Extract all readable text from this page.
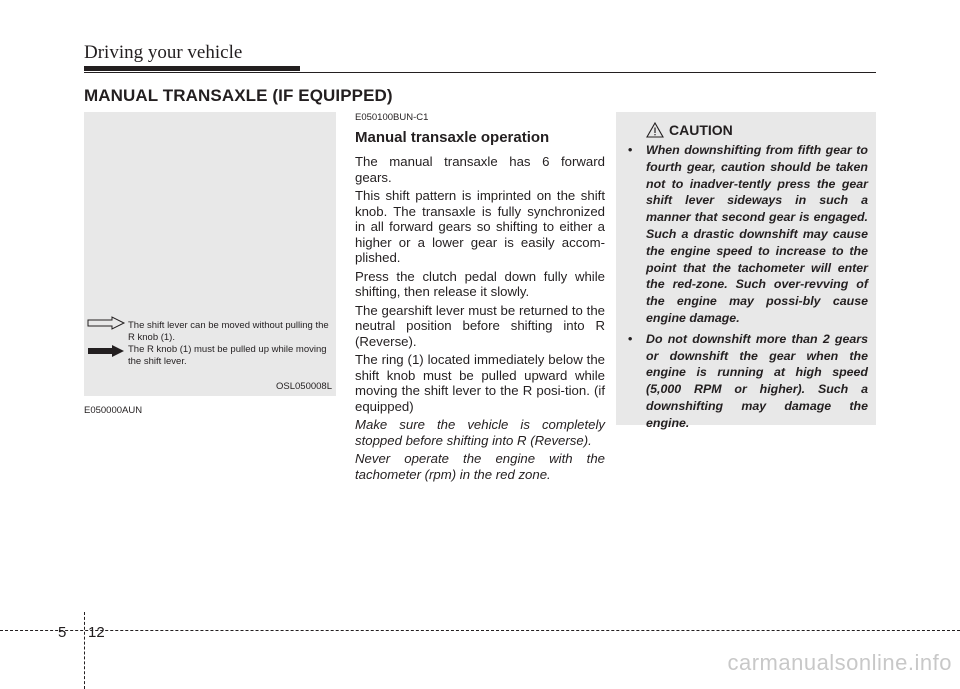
Driving your vehicle
MANUAL TRANSAXLE (IF EQUIPPED)
The shift lever can be moved without pulling the R knob (1).
The R knob (1) must be pulled up while moving the shift lever.
OSL050008L
E050000AUN
E050100BUN-C1
Manual transaxle operation

The manual transaxle has 6 forward gears.

This shift pattern is imprinted on the shift knob. The transaxle is fully synchronized in all forward gears so shifting to either a higher or a lower gear is easily accom-plished.

Press the clutch pedal down fully while shifting, then release it slowly.

The gearshift lever must be returned to the neutral position before shifting into R (Reverse).

The ring (1) located immediately below the shift knob must be pulled upward while moving the shift lever to the R posi-tion. (if equipped)

Make sure the vehicle is completely stopped before shifting into R (Reverse).

Never operate the engine with the tachometer (rpm) in the red zone.

CAUTION
• When downshifting from fifth gear to fourth gear, caution should be taken not to inadver-tently press the gear shift lever sideways in such a manner that second gear is engaged. Such a drastic downshift may cause the engine speed to increase to the point that the tachometer will enter the red-zone. Such over-revving of the engine may possi-bly cause engine damage.
• Do not downshift more than 2 gears or downshift the gear when the engine is running at high speed (5,000 RPM or higher). Such a downshifting may damage the engine.
5 12
carmanualsonline.info
